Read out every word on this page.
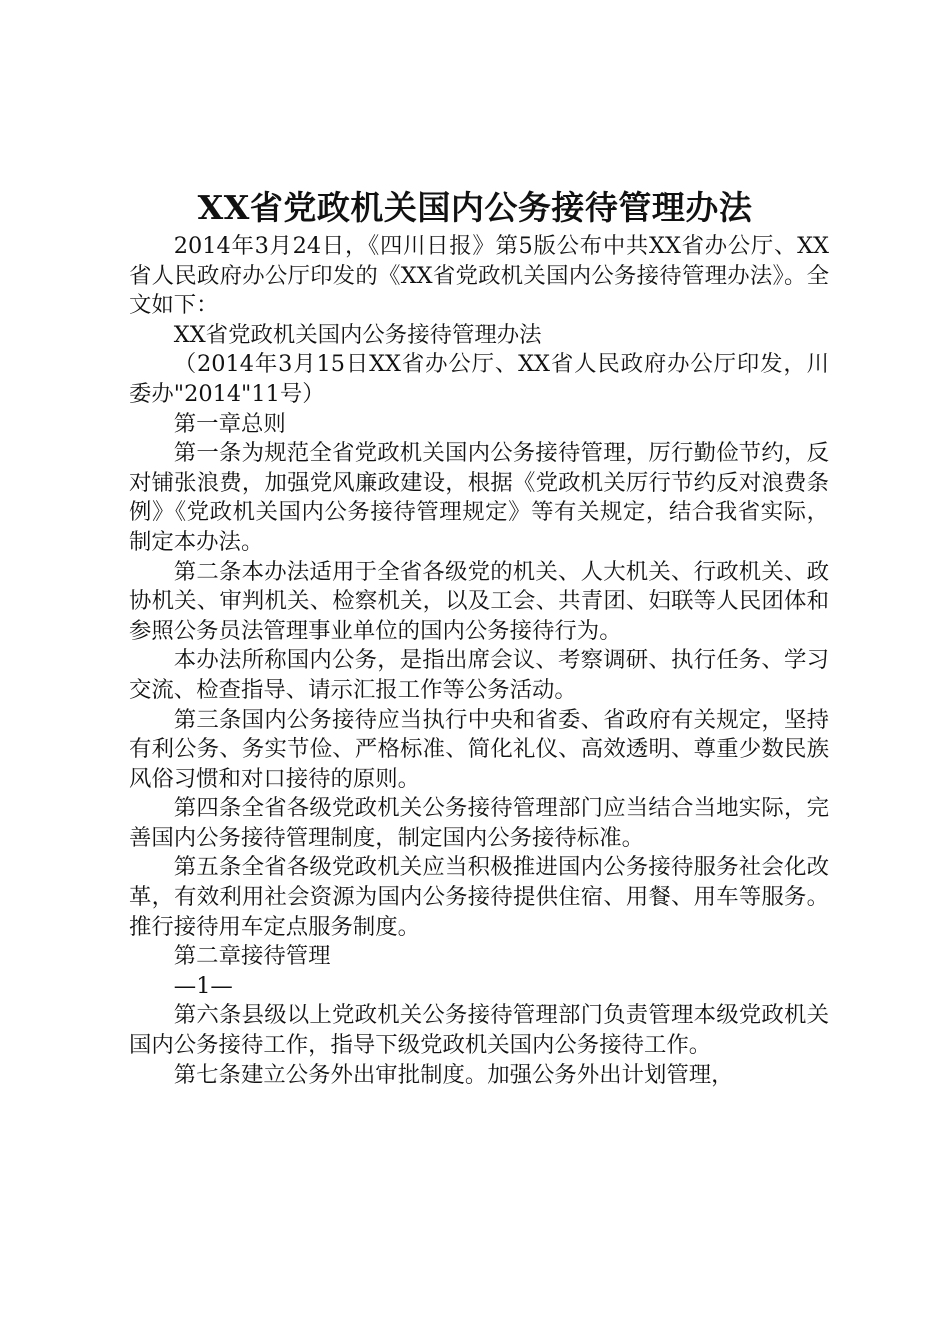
XX省党政机关国内公务接待管理办法

2014年3月24日，《四川日报》第5版公布中共XX省办公厅、XX省人民政府办公厅印发的《XX省党政机关国内公务接待管理办法》。全文如下：

XX省党政机关国内公务接待管理办法

（2014年3月15日XX省办公厅、XX省人民政府办公厅印发，川委办"2014"11号）

第一章总则

第一条为规范全省党政机关国内公务接待管理，厉行勤俭节约，反对铺张浪费，加强党风廉政建设，根据《党政机关厉行节约反对浪费条例》《党政机关国内公务接待管理规定》等有关规定，结合我省实际，制定本办法。

第二条本办法适用于全省各级党的机关、人大机关、行政机关、政协机关、审判机关、检察机关，以及工会、共青团、妇联等人民团体和参照公务员法管理事业单位的国内公务接待行为。

本办法所称国内公务，是指出席会议、考察调研、执行任务、学习交流、检查指导、请示汇报工作等公务活动。

第三条国内公务接待应当执行中央和省委、省政府有关规定，坚持有利公务、务实节俭、严格标准、简化礼仪、高效透明、尊重少数民族风俗习惯和对口接待的原则。

第四条全省各级党政机关公务接待管理部门应当结合当地实际，完善国内公务接待管理制度，制定国内公务接待标准。

第五条全省各级党政机关应当积极推进国内公务接待服务社会化改革，有效利用社会资源为国内公务接待提供住宿、用餐、用车等服务。推行接待用车定点服务制度。

第二章接待管理

—1—

第六条县级以上党政机关公务接待管理部门负责管理本级党政机关国内公务接待工作，指导下级党政机关国内公务接待工作。

第七条建立公务外出审批制度。加强公务外出计划管理，
